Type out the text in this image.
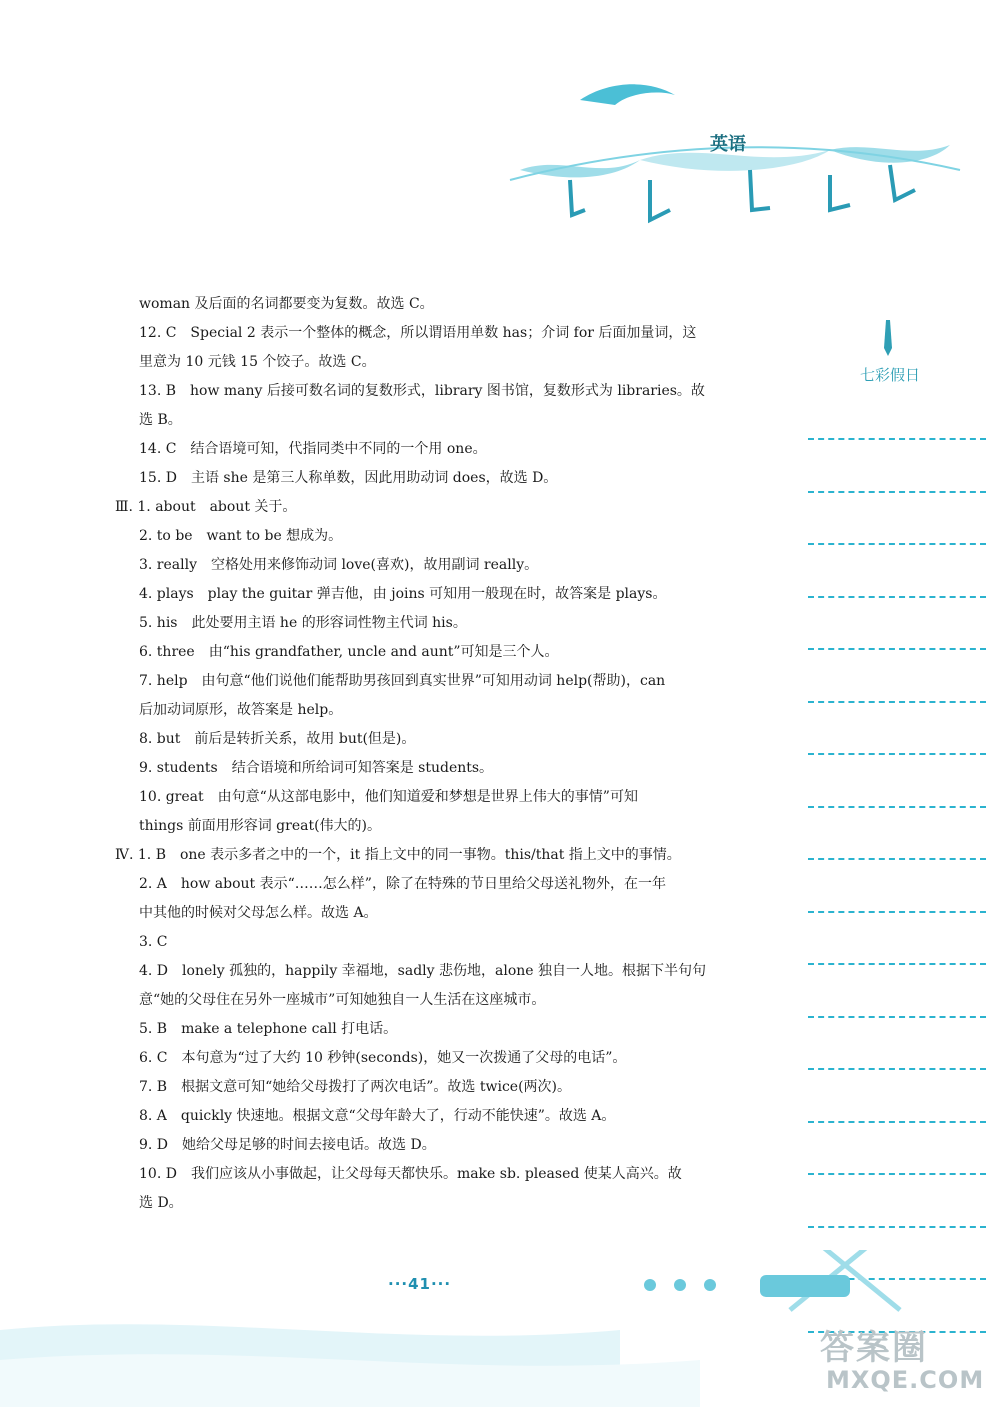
英语
七彩假日
woman 及后面的名词都要变为复数。故选 C。
12. C　Special 2 表示一个整体的概念，所以谓语用单数 has；介词 for 后面加量词，这
里意为 10 元钱 15 个饺子。故选 C。
13. B　how many 后接可数名词的复数形式，library 图书馆，复数形式为 libraries。故
选 B。
14. C　结合语境可知，代指同类中不同的一个用 one。
15. D　主语 she 是第三人称单数，因此用助动词 does，故选 D。
Ⅲ. 1. about　about 关于。
2. to be　want to be 想成为。
3. really　空格处用来修饰动词 love(喜欢)，故用副词 really。
4. plays　play the guitar 弹吉他，由 joins 可知用一般现在时，故答案是 plays。
5. his　此处要用主语 he 的形容词性物主代词 his。
6. three　由“his grandfather, uncle and aunt”可知是三个人。
7. help　由句意“他们说他们能帮助男孩回到真实世界”可知用动词 help(帮助)，can
后加动词原形，故答案是 help。
8. but　前后是转折关系，故用 but(但是)。
9. students　结合语境和所给词可知答案是 students。
10. great　由句意“从这部电影中，他们知道爱和梦想是世界上伟大的事情”可知
things 前面用形容词 great(伟大的)。
Ⅳ. 1. B　one 表示多者之中的一个，it 指上文中的同一事物。this/that 指上文中的事情。
2. A　how about 表示“……怎么样”，除了在特殊的节日里给父母送礼物外，在一年
中其他的时候对父母怎么样。故选 A。
3. C
4. D　lonely 孤独的，happily 幸福地，sadly 悲伤地，alone 独自一人地。根据下半句句
意“她的父母住在另外一座城市”可知她独自一人生活在这座城市。
5. B　make a telephone call 打电话。
6. C　本句意为“过了大约 10 秒钟(seconds)，她又一次拨通了父母的电话”。
7. B　根据文意可知“她给父母拨打了两次电话”。故选 twice(两次)。
8. A　quickly 快速地。根据文意“父母年龄大了，行动不能快速”。故选 A。
9. D　她给父母足够的时间去接电话。故选 D。
10. D　我们应该从小事做起，让父母每天都快乐。make sb. pleased 使某人高兴。故
选 D。
···41···
答案圈
MXQE.COM
